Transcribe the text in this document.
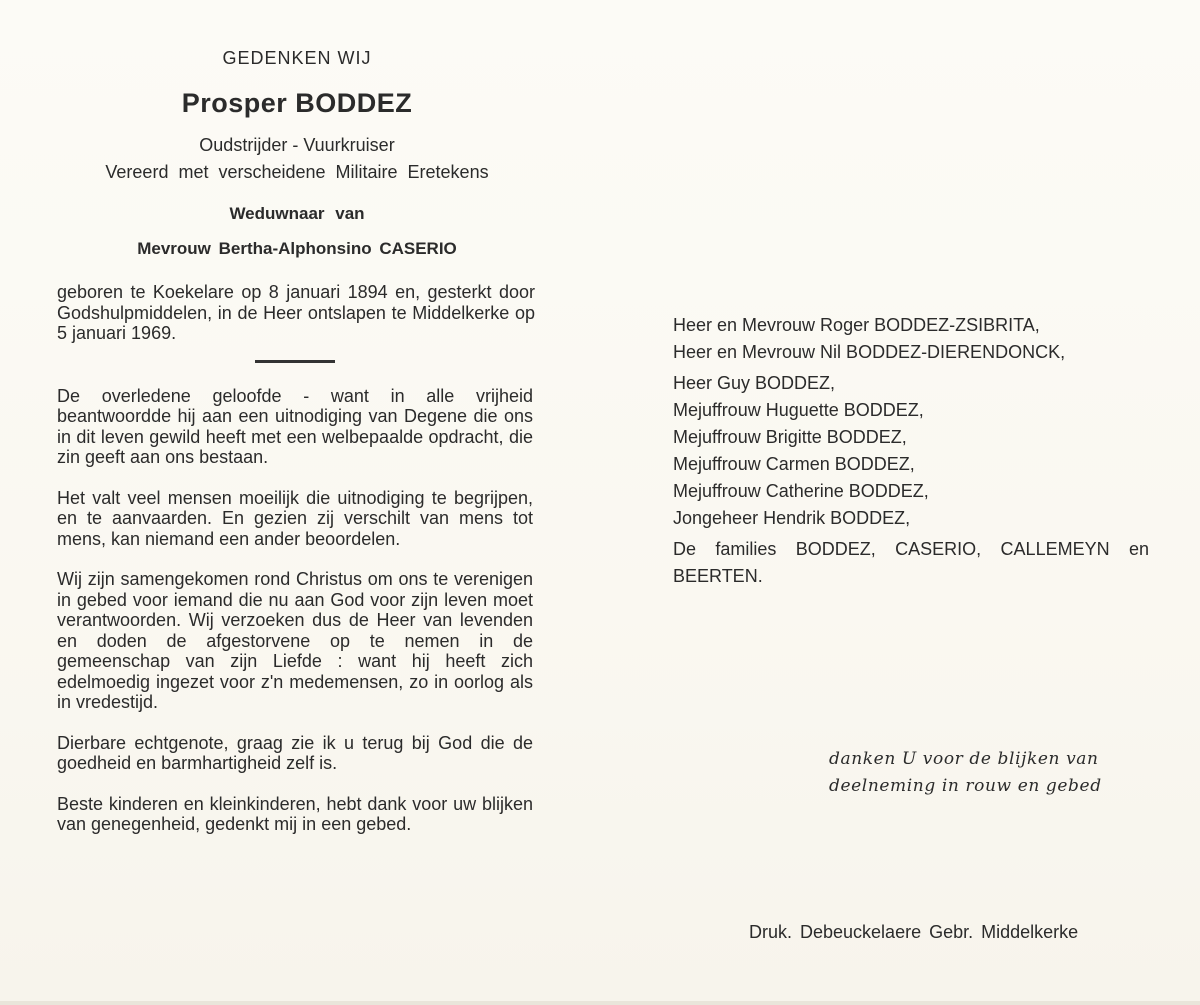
GEDENKEN WIJ

Prosper BODDEZ

Oudstrijder - Vuurkruiser

Vereerd met verscheidene Militaire Eretekens

Weduwnaar van

Mevrouw Bertha-Alphonsino CASERIO

geboren te Koekelare op 8 januari 1894 en, gesterkt door Godshulpmiddelen, in de Heer ontslapen te Middelkerke op 5 januari 1969.

De overledene geloofde - want in alle vrijheid beantwoordde hij aan een uitnodiging van Degene die ons in dit leven gewild heeft met een welbepaalde opdracht, die zin geeft aan ons bestaan.

Het valt veel mensen moeilijk die uitnodiging te begrijpen, en te aanvaarden. En gezien zij verschilt van mens tot mens, kan niemand een ander beoordelen.

Wij zijn samengekomen rond Christus om ons te verenigen in gebed voor iemand die nu aan God voor zijn leven moet verantwoorden. Wij verzoeken dus de Heer van levenden en doden de afgestorvene op te nemen in de gemeenschap van zijn Liefde : want hij heeft zich edelmoedig ingezet voor z'n medemensen, zo in oorlog als in vredestijd.

Dierbare echtgenote, graag zie ik u terug bij God die de goedheid en barmhartigheid zelf is.

Beste kinderen en kleinkinderen, hebt dank voor uw blijken van genegenheid, gedenkt mij in een gebed.

Heer en Mevrouw Roger BODDEZ-ZSIBRITA,

Heer en Mevrouw Nil BODDEZ-DIERENDONCK,

Heer Guy BODDEZ,

Mejuffrouw Huguette BODDEZ,

Mejuffrouw Brigitte BODDEZ,

Mejuffrouw Carmen BODDEZ,

Mejuffrouw Catherine BODDEZ,

Jongeheer Hendrik BODDEZ,

De families BODDEZ, CASERIO, CALLEMEYN en BEERTEN.

danken U voor de blijken van
deelneming in rouw en gebed

Druk. Debeuckelaere Gebr. Middelkerke
